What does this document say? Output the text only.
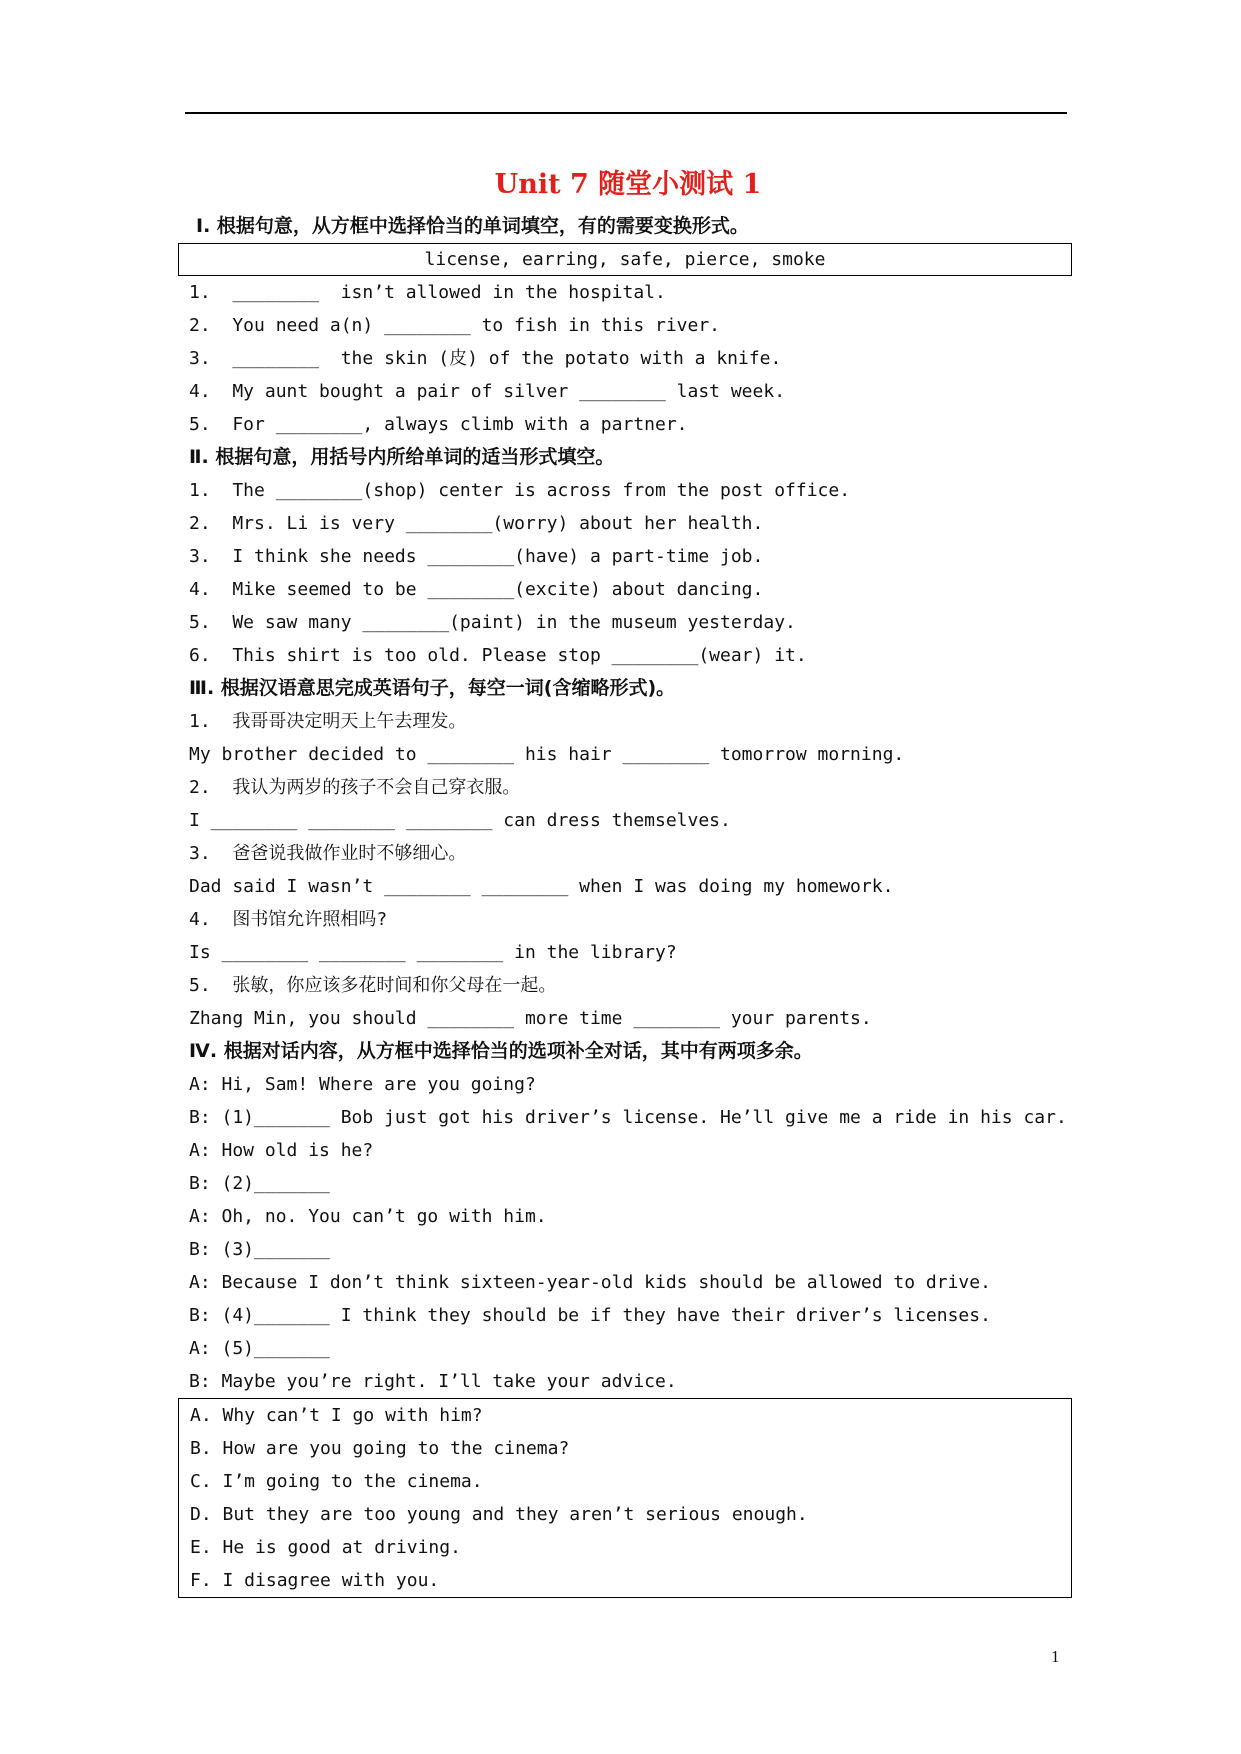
Unit 7 随堂小测试 1
Ⅰ. 根据句意，从方框中选择恰当的单词填空，有的需要变换形式。
license, earring, safe, pierce, smoke
1.  ________  isn’t allowed in the hospital.
2.  You need a(n) ________ to fish in this river.
3.  ________  the skin (皮) of the potato with a knife.
4.  My aunt bought a pair of silver ________ last week.
5.  For ________, always climb with a partner.
Ⅱ. 根据句意，用括号内所给单词的适当形式填空。
1.  The ________(shop) center is across from the post office.
2.  Mrs. Li is very ________(worry) about her health.
3.  I think she needs ________(have) a part-time job.
4.  Mike seemed to be ________(excite) about dancing.
5.  We saw many ________(paint) in the museum yesterday.
6.  This shirt is too old. Please stop ________(wear) it.
Ⅲ. 根据汉语意思完成英语句子，每空一词(含缩略形式)。
1.  我哥哥决定明天上午去理发。
My brother decided to ________ his hair ________ tomorrow morning.
2.  我认为两岁的孩子不会自己穿衣服。
I ________ ________ ________ can dress themselves.
3.  爸爸说我做作业时不够细心。
Dad said I wasn’t ________ ________ when I was doing my homework.
4.  图书馆允许照相吗?
Is ________ ________ ________ in the library?
5.  张敏，你应该多花时间和你父母在一起。
Zhang Min, you should ________ more time ________ your parents.
Ⅳ. 根据对话内容，从方框中选择恰当的选项补全对话，其中有两项多余。
A: Hi, Sam! Where are you going?
B: (1)_______ Bob just got his driver’s license. He’ll give me a ride in his car.
A: How old is he?
B: (2)_______
A: Oh, no. You can’t go with him.
B: (3)_______
A: Because I don’t think sixteen-year-old kids should be allowed to drive.
B: (4)_______ I think they should be if they have their driver’s licenses.
A: (5)_______
B: Maybe you’re right. I’ll take your advice.
A. Why can’t I go with him?
B. How are you going to the cinema?
C. I’m going to the cinema.
D. But they are too young and they aren’t serious enough.
E. He is good at driving.
F. I disagree with you.
1
